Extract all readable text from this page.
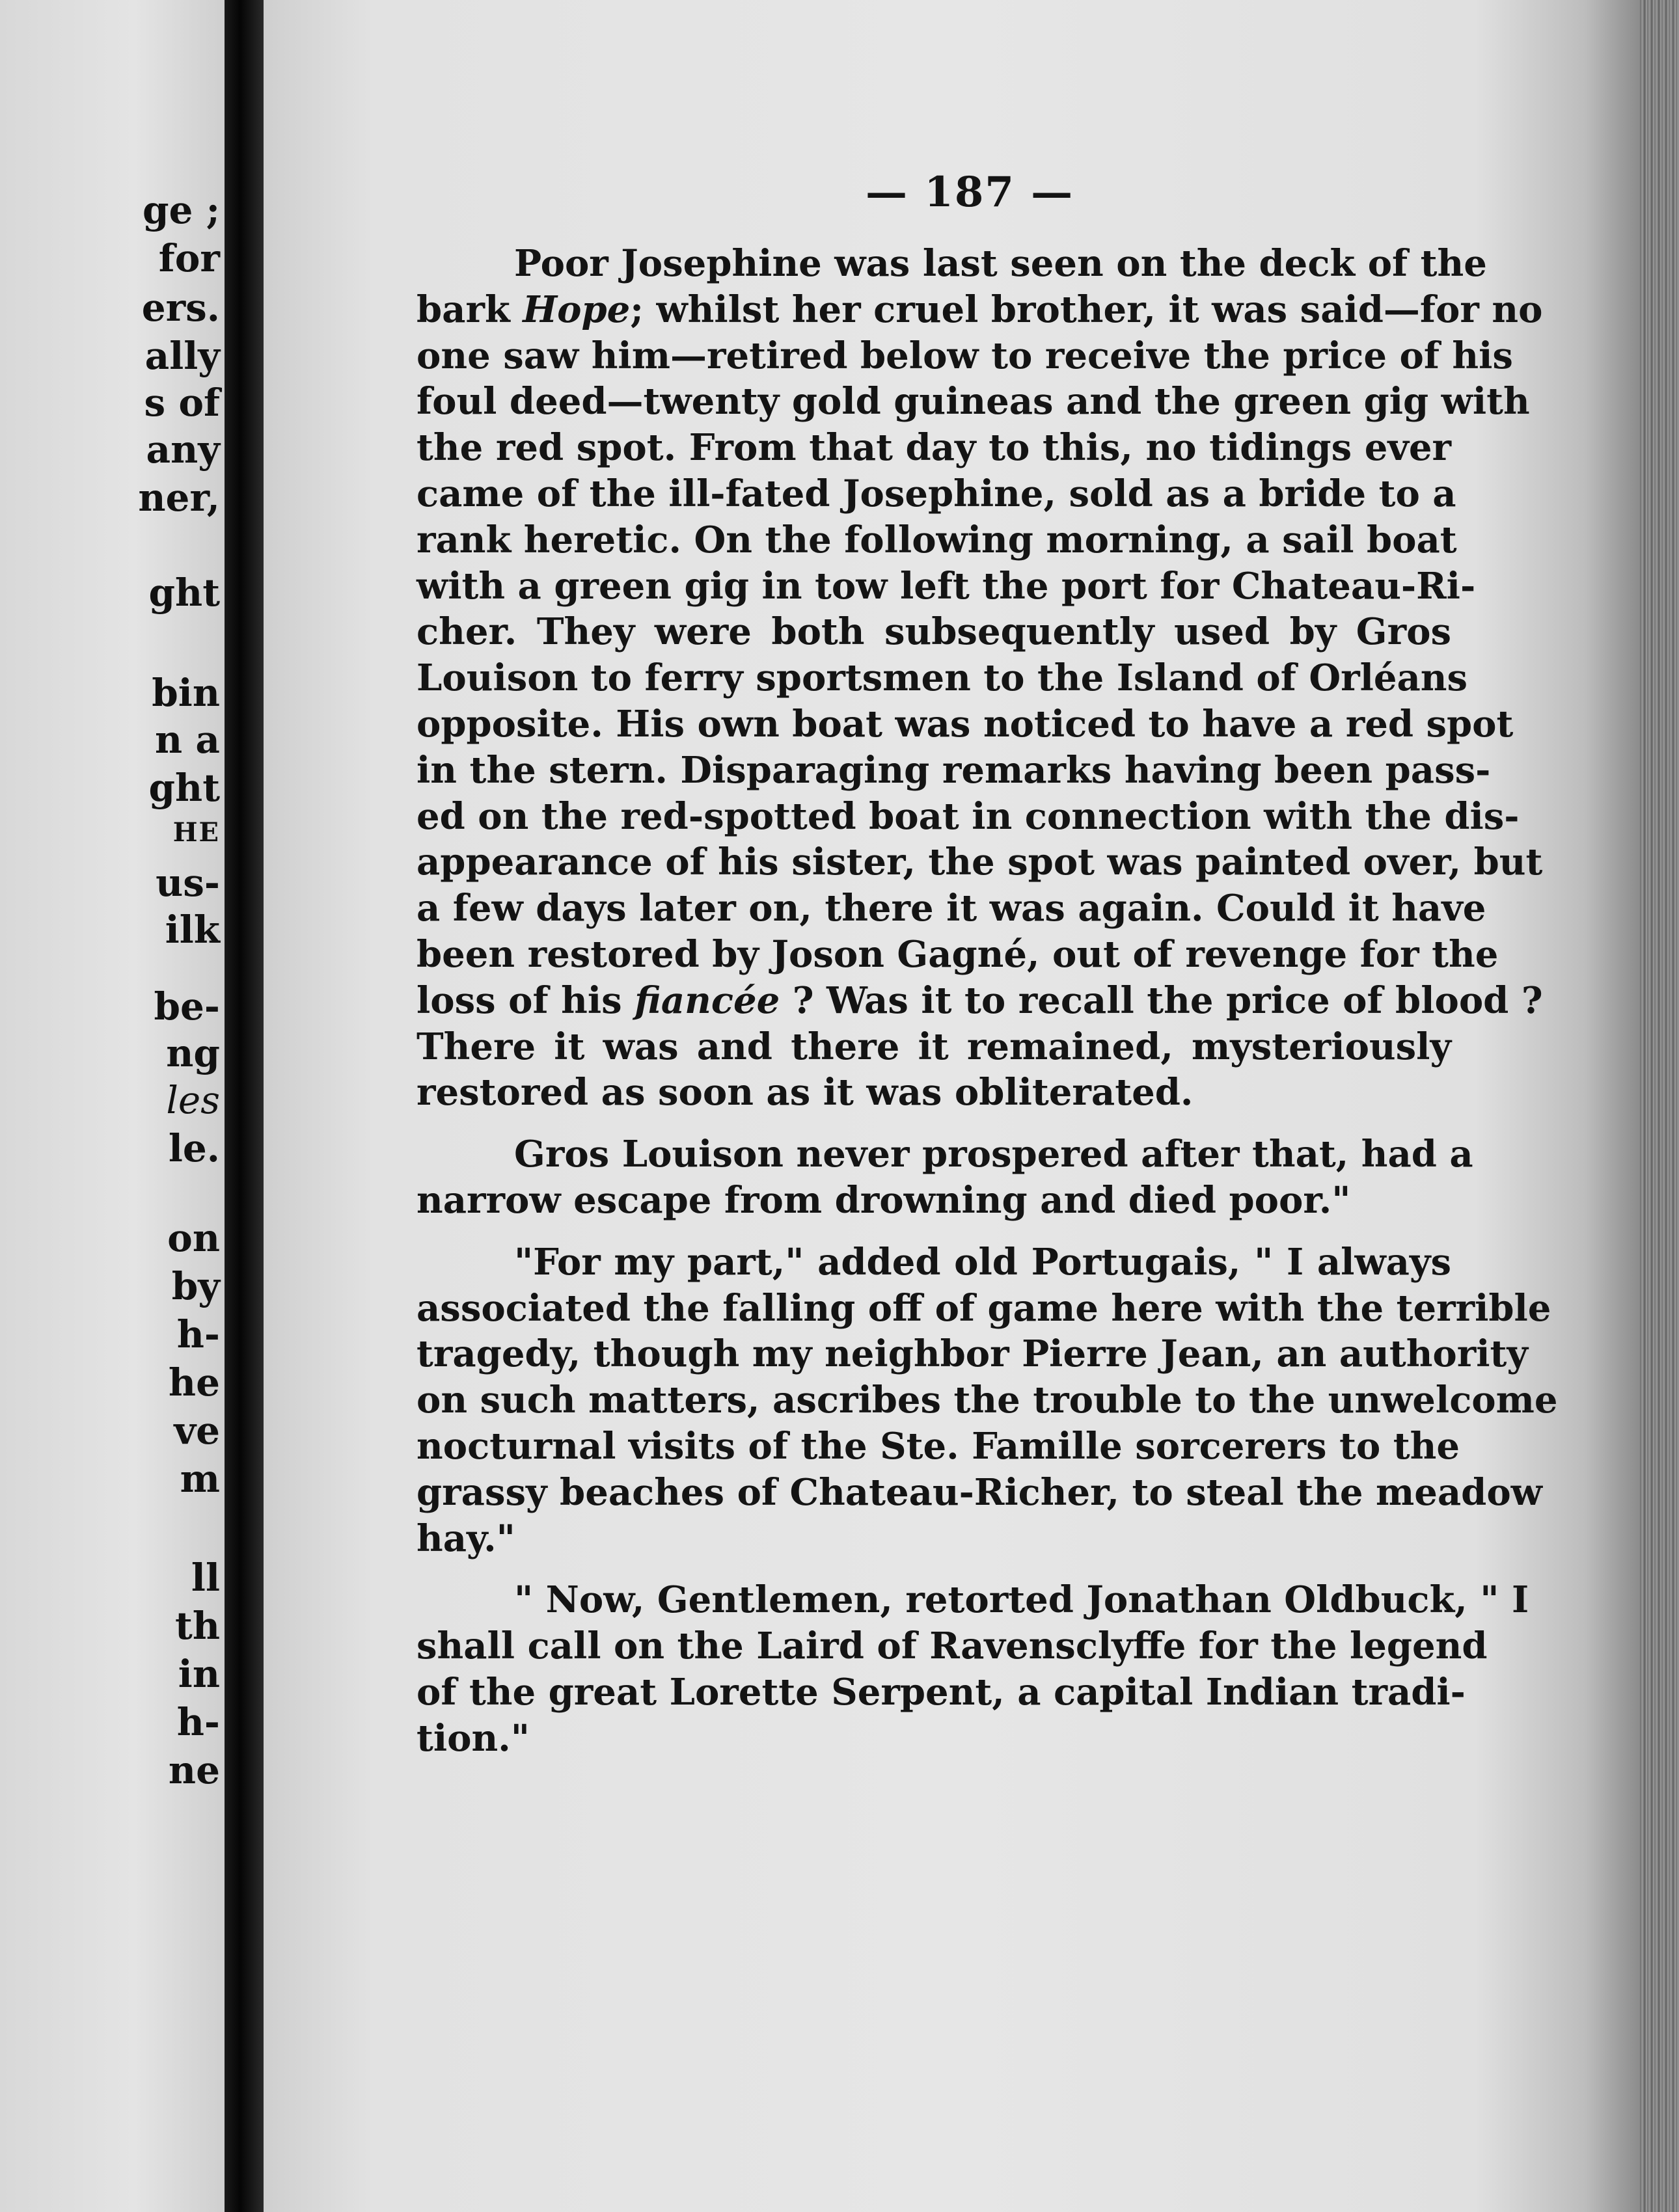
ge ;
for
ers.
ally
s of
any
ner,
ght
bin
n a
ght
HE
us-
ilk
be-
ng
les
le.
on
by
h-
he
ve
m
ll
th
in
h-
ne
— 187 —
Poor Josephine was last seen on the deck of the
bark Hope; whilst her cruel brother, it was said—for no
one saw him—retired below to receive the price of his
foul deed—twenty gold guineas and the green gig with
the red spot. From that day to this, no tidings ever
came of the ill-fated Josephine, sold as a bride to a
rank heretic. On the following morning, a sail boat
with a green gig in tow left the port for Chateau-Ri-
cher. They were both subsequently used by Gros
Louison to ferry sportsmen to the Island of Orléans
opposite. His own boat was noticed to have a red spot
in the stern. Disparaging remarks having been pass-
ed on the red-spotted boat in connection with the dis-
appearance of his sister, the spot was painted over, but
a few days later on, there it was again. Could it have
been restored by Joson Gagné, out of revenge for the
loss of his fiancée ? Was it to recall the price of blood ?
There it was and there it remained, mysteriously
restored as soon as it was obliterated.
Gros Louison never prospered after that, had a
narrow escape from drowning and died poor."
"For my part," added old Portugais, " I always
associated the falling off of game here with the terrible
tragedy, though my neighbor Pierre Jean, an authority
on such matters, ascribes the trouble to the unwelcome
nocturnal visits of the Ste. Famille sorcerers to the
grassy beaches of Chateau-Richer, to steal the meadow
hay."
" Now, Gentlemen, retorted Jonathan Oldbuck, " I
shall call on the Laird of Ravensclyffe for the legend
of the great Lorette Serpent, a capital Indian tradi-
tion."
